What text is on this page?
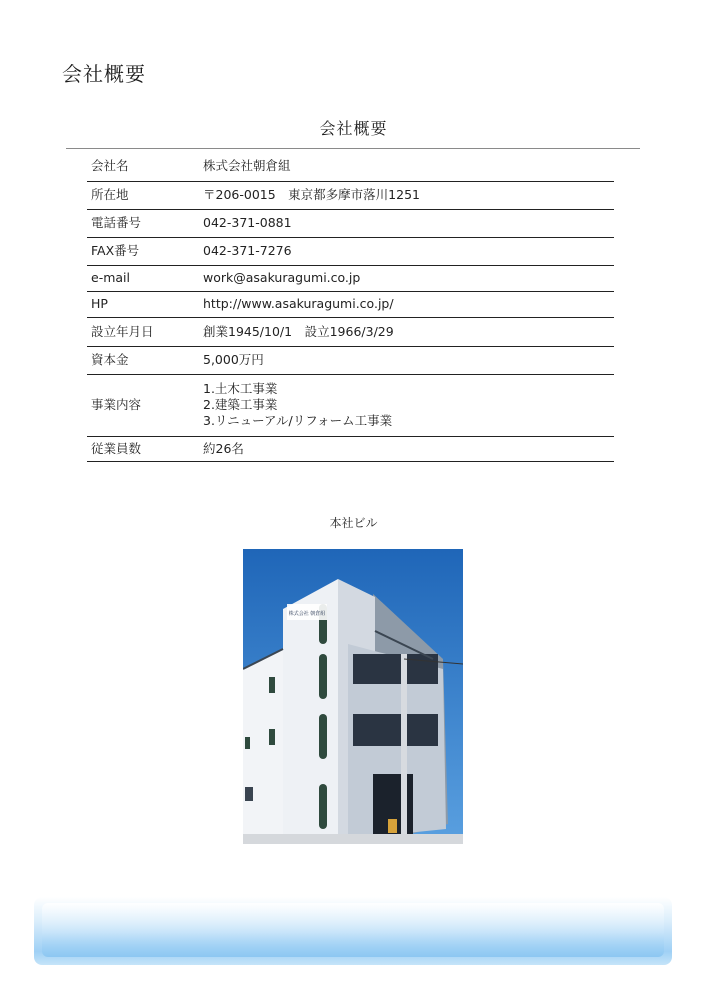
会社概要
会社概要
会社名	株式会社朝倉組

所在地	〒206-0015　東京都多摩市落川1251

電話番号	042-371-0881

FAX番号	042-371-7276

e-mail	work@asakuragumi.co.jp

HP	http://www.asakuragumi.co.jp/

設立年月日	創業1945/10/1　設立1966/3/29

資本金	5,000万円

事業内容	1.土木工事業
2.建築工事業
3.リニューアル/リフォーム工事業

従業員数	約26名
本社ビル
株式会社 朝倉組
